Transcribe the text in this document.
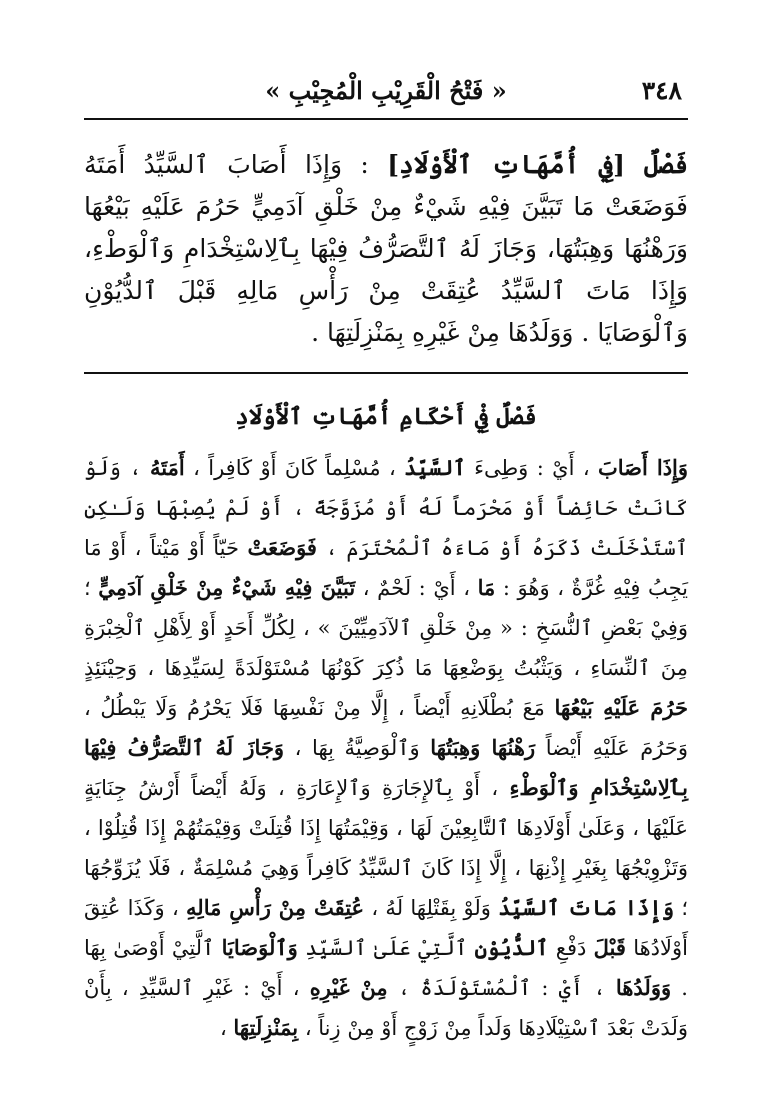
٣٤٨
« فَتْحُ الْقَرِيْبِ الْمُجِيْبِ »
فَصْلٌ [فِي أُمَّهَاتِ ٱلْأَوْلَادِ] : وَإِذَا أَصَابَ ٱلسَّيِّدُ أَمَتَهُ فَوَضَعَتْ مَا تَبَيَّنَ فِيْهِ شَيْءٌ مِنْ خَلْقِ آدَمِيٍّ حَرُمَ عَلَيْهِ بَيْعُهَا وَرَهْنُهَا وَهِبَتُهَا، وَجَازَ لَهُ ٱلتَّصَرُّفُ فِيْهَا بِٱلِاسْتِخْدَامِ وَٱلْوَطْءِ، وَإِذَا مَاتَ ٱلسَّيِّدُ عُتِقَتْ مِنْ رَأْسِ مَالِهِ قَبْلَ ٱلدُّيُوْنِ وَٱلْوَصَايَا . وَوَلَدُهَا مِنْ غَيْرِهِ بِمَنْزِلَتِهَا .
فَصْلٌ فِيْ أَحْكَامِ أُمَّهَاتِ ٱلْأَوْلَادِ
وَإِذَا أَصَابَ ، أَيْ : وَطِىءَ ٱلسَّيِّدُ ، مُسْلِماً كَانَ أَوْ كَافِراً ، أَمَتَهُ ، وَلَوْ كَانَتْ حَائِضاً أَوْ مَحْرَماً لَهُ أَوْ مُزَوَّجَةً ، أَوْ لَمْ يُصِبْهَا وَلَـٰكِنِ ٱسْتَدْخَلَتْ ذَكَرَهُ أَوْ مَاءَهُ ٱلْمُحْتَرَمَ ، فَوَضَعَتْ حَيّاً أَوْ مَيْتاً ، أَوْ مَا يَجِبُ فِيْهِ غُرَّةٌ ، وَهُوَ : مَا ، أَيْ : لَحْمٌ ، تَبَيَّنَ فِيْهِ شَيْءٌ مِنْ خَلْقِ آدَمِيٍّ ؛ وَفِيْ بَعْضِ ٱلنُّسَخِ : « مِنْ خَلْقِ ٱلآدَمِيِّيْنَ » ، لِكُلِّ أَحَدٍ أَوْ لِأَهْلِ ٱلْخِبْرَةِ مِنَ ٱلنِّسَاءِ ، وَيَثْبُتُ بِوَضْعِهَا مَا ذُكِرَ كَوْنُهَا مُسْتَوْلَدَةً لِسَيِّدِهَا ، وَحِيْنَئِذٍ حَرُمَ عَلَيْهِ بَيْعُهَا مَعَ بُطْلَانِهِ أَيْضاً ، إِلَّا مِنْ نَفْسِهَا فَلَا يَحْرُمُ وَلَا يَبْطُلُ ، وَحَرُمَ عَلَيْهِ أَيْضاً رَهْنُهَا وَهِبَتُهَا وَٱلْوَصِيَّةُ بِهَا ، وَجَازَ لَهُ ٱلتَّصَرُّفُ فِيْهَا بِٱلِاسْتِخْدَامِ وَٱلْوَطْءِ ، أَوْ بِٱلإِجَارَةِ وَٱلإِعَارَةِ ، وَلَهُ أَيْضاً أَرْشُ جِنَايَةٍ عَلَيْهَا ، وَعَلَىٰ أَوْلَادِهَا ٱلتَّابِعِيْنَ لَهَا ، وَقِيْمَتُهَا إِذَا قُتِلَتْ وَقِيْمَتُهُمْ إِذَا قُتِلُوْا ، وَتَزْوِيْجُهَا بِغَيْرِ إِذْنِهَا ، إِلَّا إِذَا كَانَ ٱلسَّيِّدُ كَافِراً وَهِيَ مُسْلِمَةٌ ، فَلَا يُزَوِّجُهَا ؛ وَإِذَا مَاتَ ٱلسَّيِّدُ وَلَوْ بِقَتْلِهَا لَهُ ، عُتِقَتْ مِنْ رَأْسِ مَالِهِ ، وَكَذَا عُتِقَ أَوْلَادُهَا قَبْلَ دَفْعِ ٱلدُّيُوْنِ ٱلَّتِيْ عَلَىٰ ٱلسَّيِّدِ وَٱلْوَصَايَا ٱلَّتِيْ أَوْصَىٰ بِهَا . وَوَلَدُهَا ، أَيْ : ٱلْمُسْتَوْلَدَةُ ، مِنْ غَيْرِهِ ، أَيْ : غَيْرِ ٱلسَّيِّدِ ، بِأَنْ وَلَدَتْ بَعْدَ ٱسْتِيْلَادِهَا وَلَداً مِنْ زَوْجٍ أَوْ مِنْ زِناً ، بِمَنْزِلَتِهَا ،
